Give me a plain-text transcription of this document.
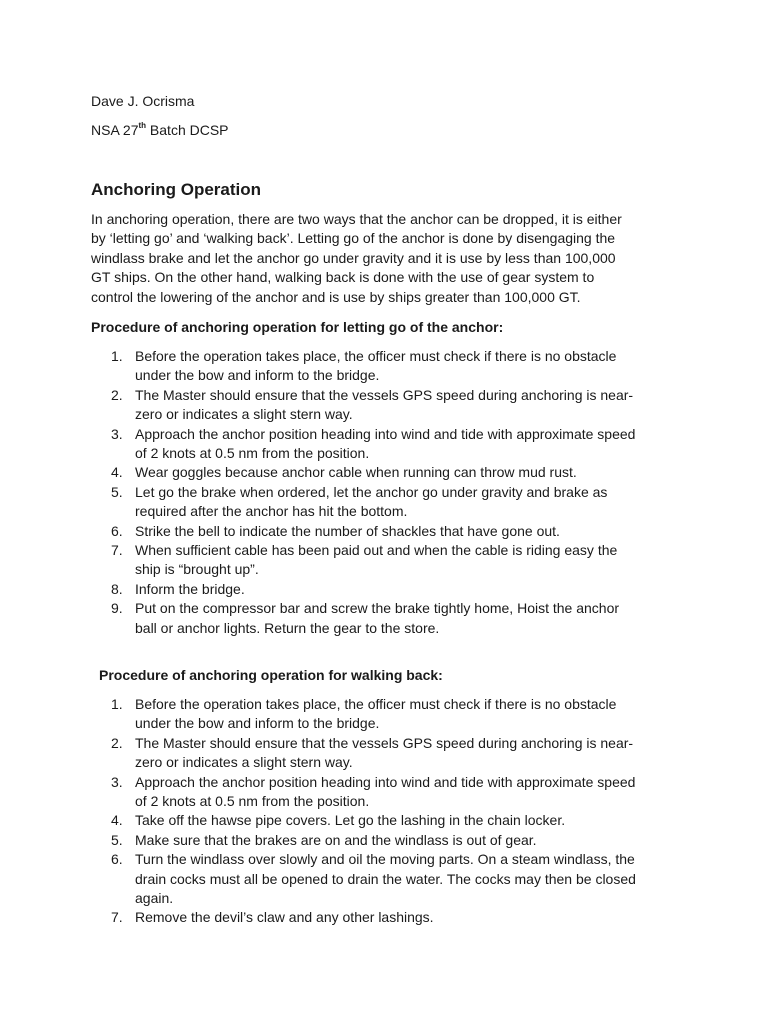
Dave J. Ocrisma
NSA 27th Batch DCSP
Anchoring Operation
In anchoring operation, there are two ways that the anchor can be dropped, it is either
by ‘letting go’ and ‘walking back’. Letting go of the anchor is done by disengaging the
windlass brake and let the anchor go under gravity and it is use by less than 100,000
GT ships. On the other hand, walking back is done with the use of gear system to
control the lowering of the anchor and is use by ships greater than 100,000 GT.
Procedure of anchoring operation for letting go of the anchor:
1. Before the operation takes place, the officer must check if there is no obstacle
under the bow and inform to the bridge.
2. The Master should ensure that the vessels GPS speed during anchoring is near-
zero or indicates a slight stern way.
3. Approach the anchor position heading into wind and tide with approximate speed
of 2 knots at 0.5 nm from the position.
4. Wear goggles because anchor cable when running can throw mud rust.
5. Let go the brake when ordered, let the anchor go under gravity and brake as
required after the anchor has hit the bottom.
6. Strike the bell to indicate the number of shackles that have gone out.
7. When sufficient cable has been paid out and when the cable is riding easy the
ship is “brought up”.
8. Inform the bridge.
9. Put on the compressor bar and screw the brake tightly home, Hoist the anchor
ball or anchor lights. Return the gear to the store.
Procedure of anchoring operation for walking back:
1. Before the operation takes place, the officer must check if there is no obstacle
under the bow and inform to the bridge.
2. The Master should ensure that the vessels GPS speed during anchoring is near-
zero or indicates a slight stern way.
3. Approach the anchor position heading into wind and tide with approximate speed
of 2 knots at 0.5 nm from the position.
4. Take off the hawse pipe covers. Let go the lashing in the chain locker.
5. Make sure that the brakes are on and the windlass is out of gear.
6. Turn the windlass over slowly and oil the moving parts. On a steam windlass, the
drain cocks must all be opened to drain the water. The cocks may then be closed
again.
7. Remove the devil’s claw and any other lashings.
